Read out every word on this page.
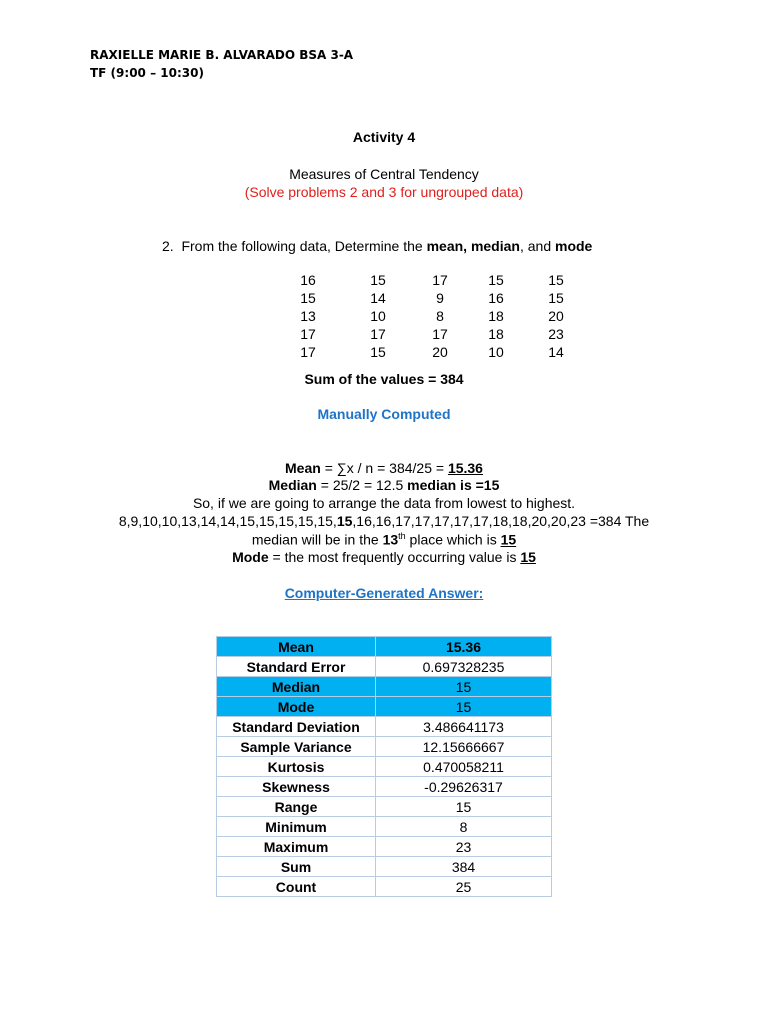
RAXIELLE MARIE B. ALVARADO BSA 3-A
TF (9:00 – 10:30)
Activity 4
Measures of Central Tendency
(Solve problems 2 and 3 for ungrouped data)
2. From the following data, Determine the mean, median, and mode
16	15	17	15	15
15	14	9	16	15
13	10	8	18	20
17	17	17	18	23
17	15	20	10	14
Sum of the values = 384
Manually Computed
Mean = ∑x / n = 384/25 = 15.36
Median = 25/2 = 12.5 median is =15
So, if we are going to arrange the data from lowest to highest.
8,9,10,10,13,14,14,15,15,15,15,15,15,16,16,17,17,17,17,17,18,18,20,20,23 =384 The
median will be in the 13th place which is 15
Mode = the most frequently occurring value is 15
Computer-Generated Answer:
Mean	15.36
Standard Error	0.697328235
Median	15
Mode	15
Standard Deviation	3.486641173
Sample Variance	12.15666667
Kurtosis	0.470058211
Skewness	-0.29626317
Range	15
Minimum	8
Maximum	23
Sum	384
Count	25
